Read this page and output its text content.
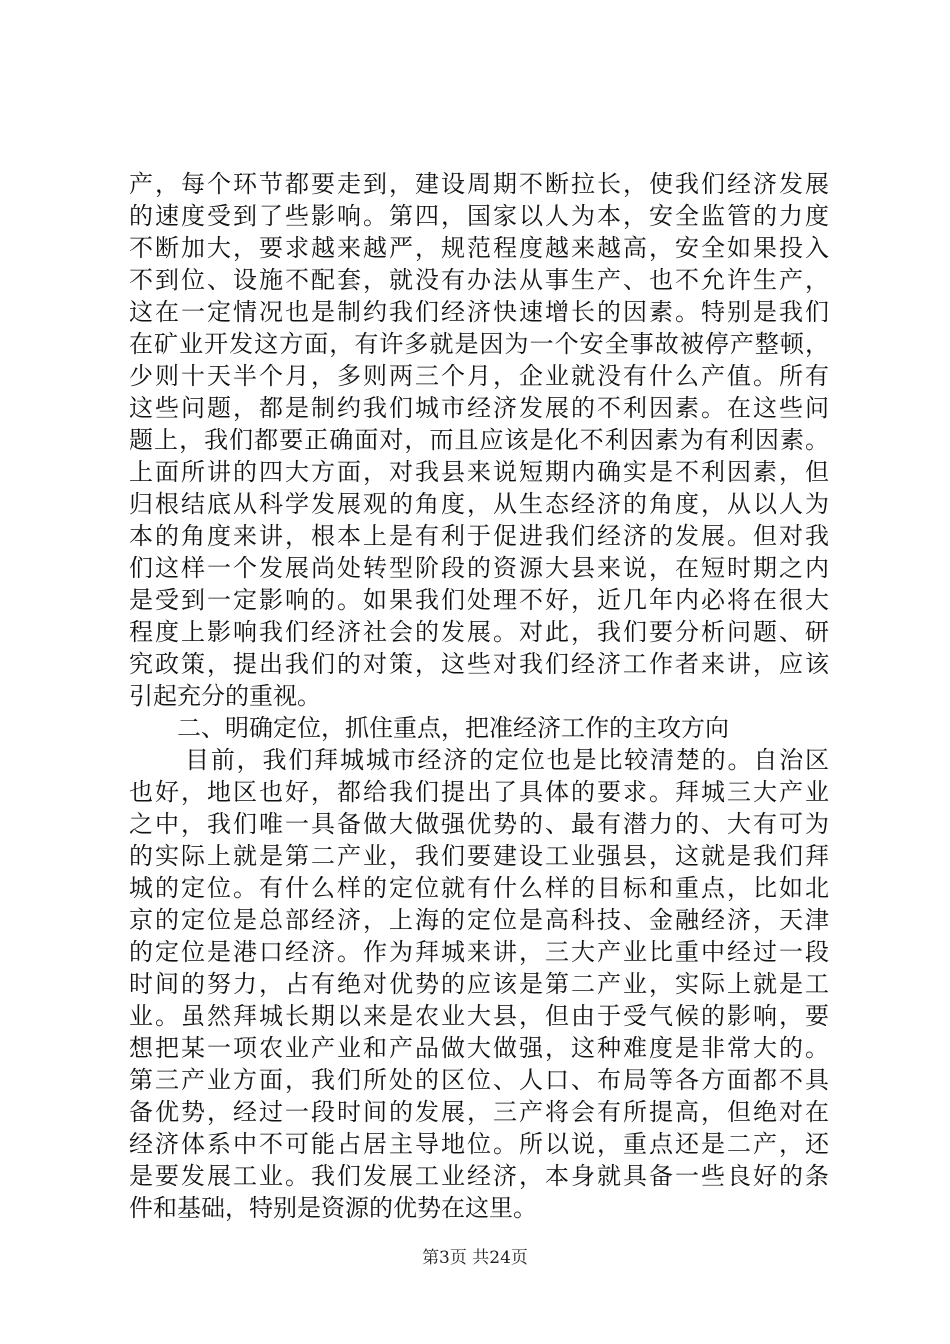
产，每个环节都要走到，建设周期不断拉长，使我们经济发展
的速度受到了些影响。第四，国家以人为本，安全监管的力度
不断加大，要求越来越严，规范程度越来越高，安全如果投入
不到位、设施不配套，就没有办法从事生产、也不允许生产，
这在一定情况也是制约我们经济快速增长的因素。特别是我们
在矿业开发这方面，有许多就是因为一个安全事故被停产整顿，
少则十天半个月，多则两三个月，企业就没有什么产值。所有
这些问题，都是制约我们城市经济发展的不利因素。在这些问
题上，我们都要正确面对，而且应该是化不利因素为有利因素。
上面所讲的四大方面，对我县来说短期内确实是不利因素，但
归根结底从科学发展观的角度，从生态经济的角度，从以人为
本的角度来讲，根本上是有利于促进我们经济的发展。但对我
们这样一个发展尚处转型阶段的资源大县来说，在短时期之内
是受到一定影响的。如果我们处理不好，近几年内必将在很大
程度上影响我们经济社会的发展。对此，我们要分析问题、研
究政策，提出我们的对策，这些对我们经济工作者来讲，应该
引起充分的重视。
二、明确定位，抓住重点，把准经济工作的主攻方向
目前，我们拜城城市经济的定位也是比较清楚的。自治区
也好，地区也好，都给我们提出了具体的要求。拜城三大产业
之中，我们唯一具备做大做强优势的、最有潜力的、大有可为
的实际上就是第二产业，我们要建设工业强县，这就是我们拜
城的定位。有什么样的定位就有什么样的目标和重点，比如北
京的定位是总部经济，上海的定位是高科技、金融经济，天津
的定位是港口经济。作为拜城来讲，三大产业比重中经过一段
时间的努力，占有绝对优势的应该是第二产业，实际上就是工
业。虽然拜城长期以来是农业大县，但由于受气候的影响，要
想把某一项农业产业和产品做大做强，这种难度是非常大的。
第三产业方面，我们所处的区位、人口、布局等各方面都不具
备优势，经过一段时间的发展，三产将会有所提高，但绝对在
经济体系中不可能占居主导地位。所以说，重点还是二产，还
是要发展工业。我们发展工业经济，本身就具备一些良好的条
件和基础，特别是资源的优势在这里。
第3页 共24页
